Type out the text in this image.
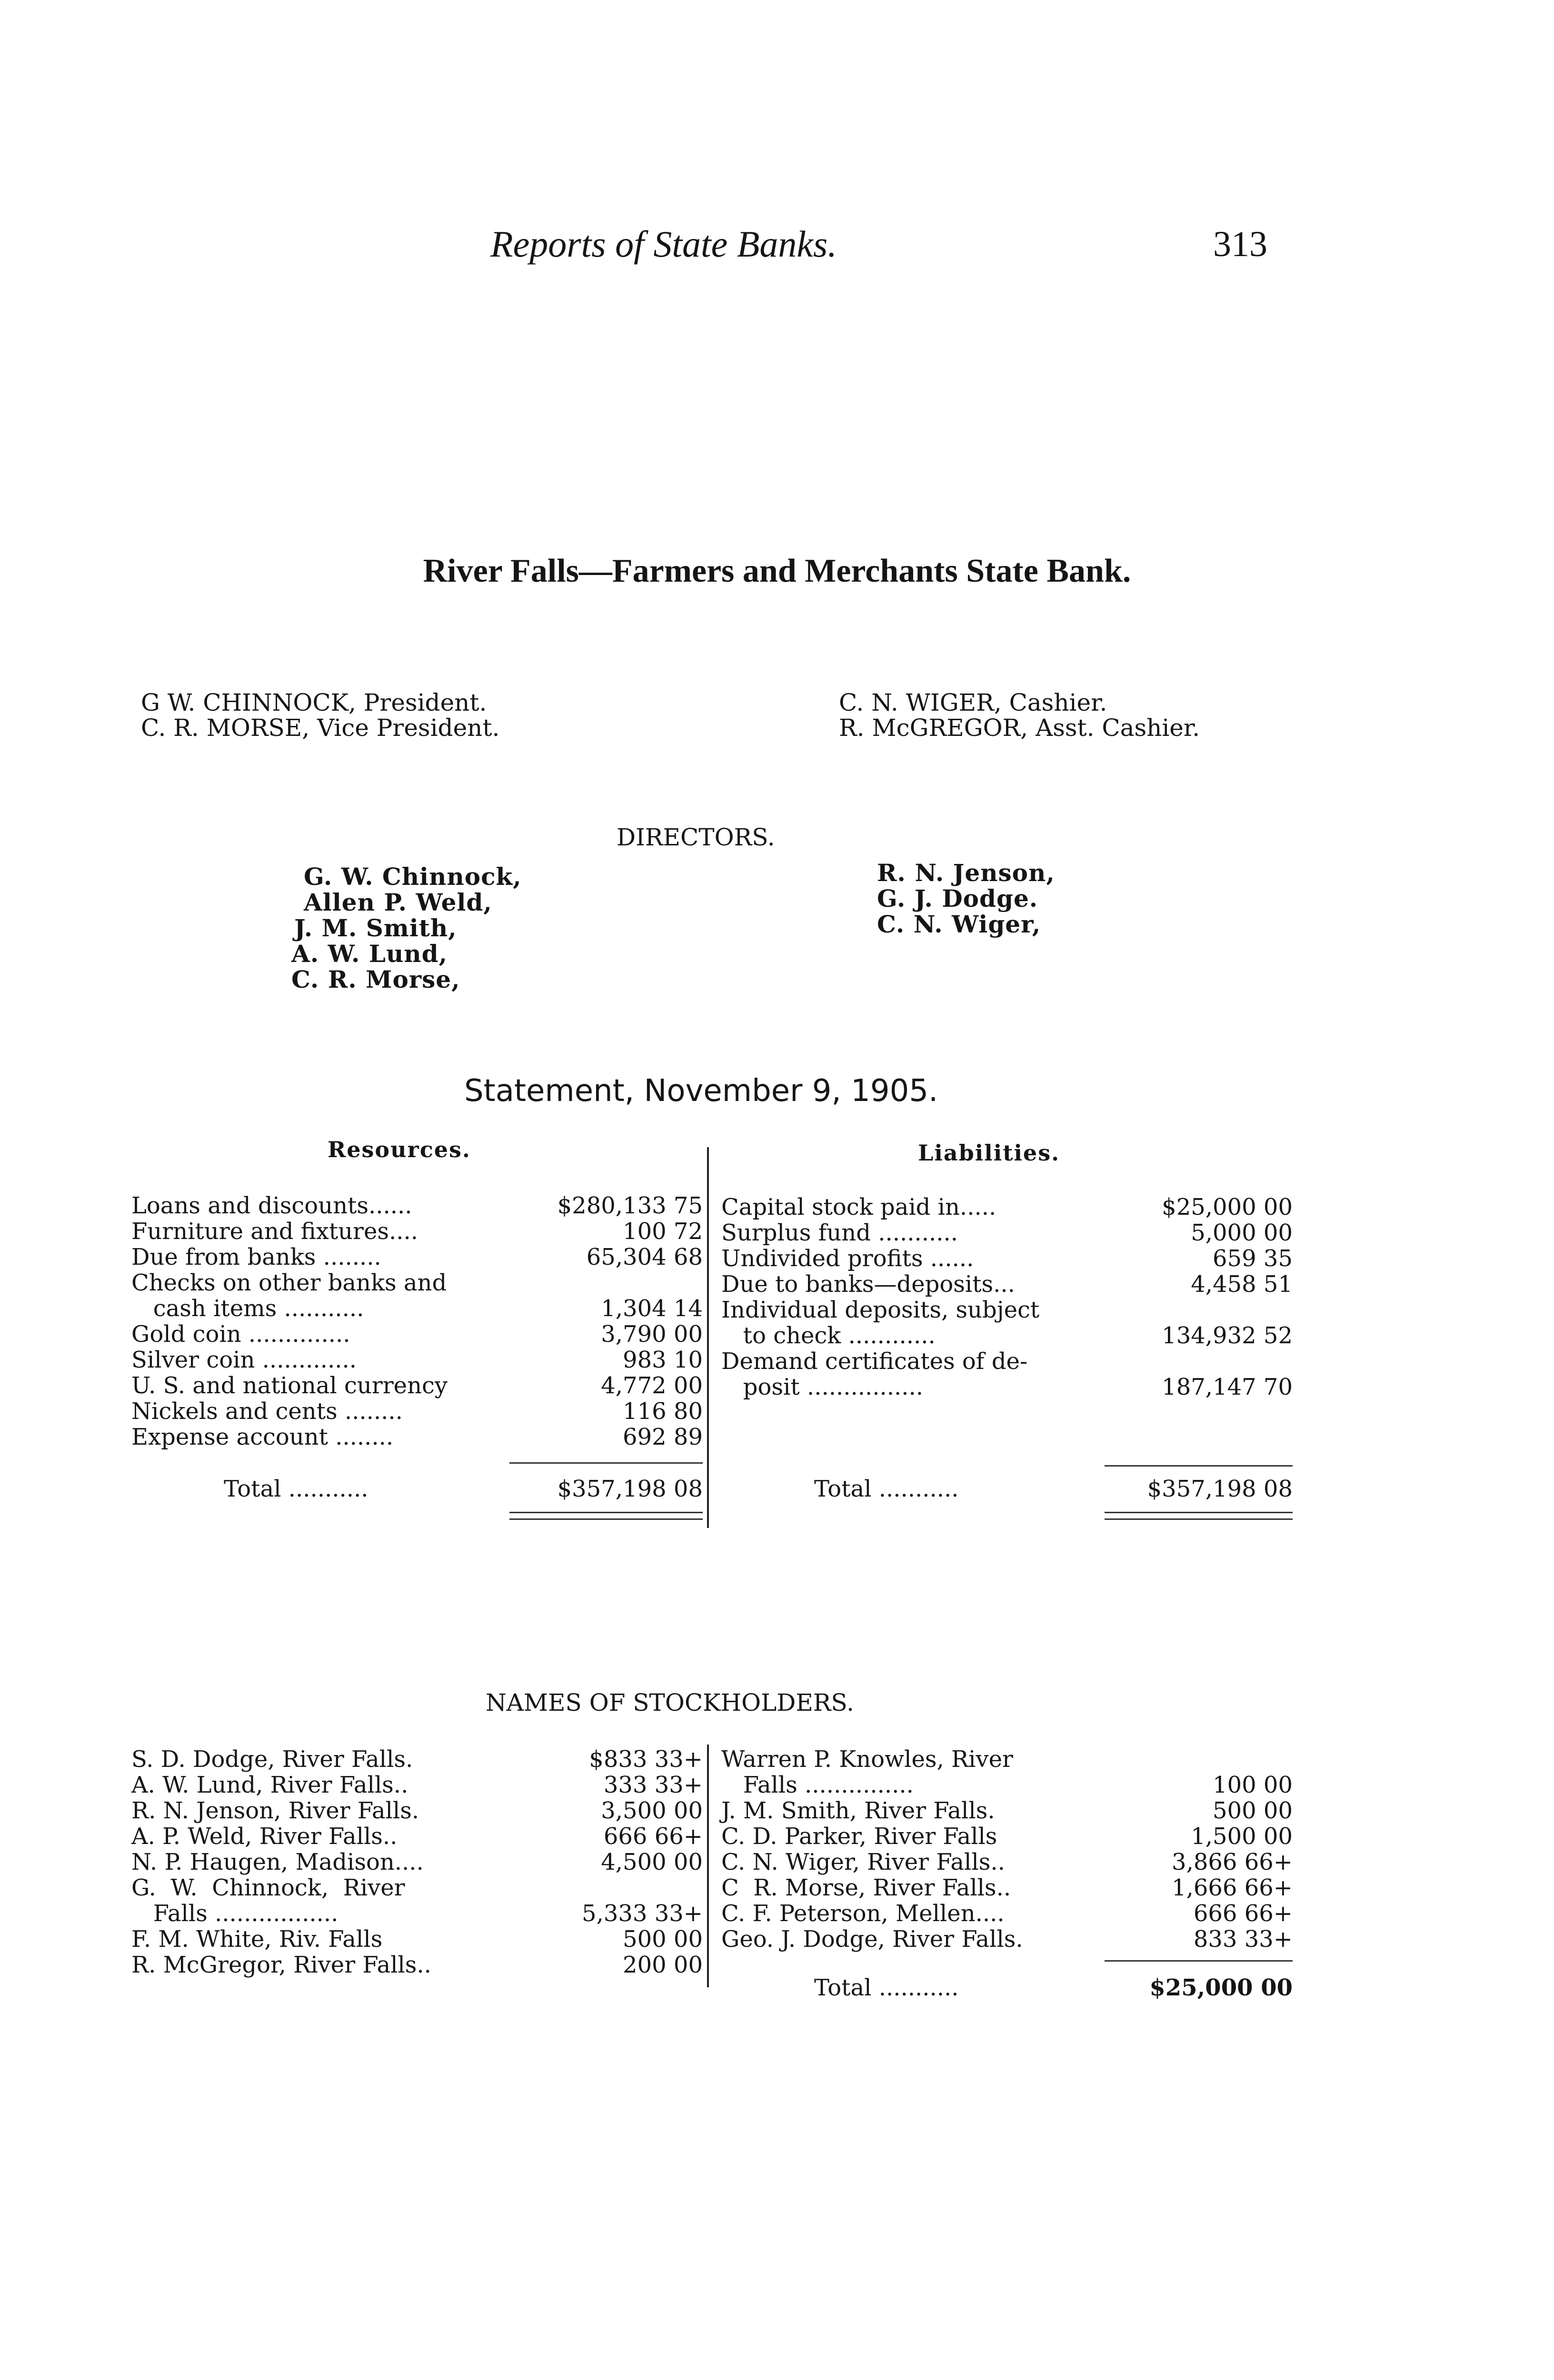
Reports of State Banks.	313
River Falls—Farmers and Merchants State Bank.
G W. CHINNOCK, President.
C. R. MORSE, Vice President.
C. N. WIGER, Cashier.
R. McGREGOR, Asst. Cashier.
DIRECTORS.
G. W. Chinnock,
Allen P. Weld,
J. M. Smith,
A. W. Lund,
C. R. Morse,
R. N. Jenson,
G. J. Dodge.
C. N. Wiger,
Statement, November 9, 1905.
Resources.	Liabilities.
Loans and discounts......	$280,133 75
Furniture and fixtures....	100 72
Due from banks ........	65,304 68
Checks on other banks and
cash items ...........	1,304 14
Gold coin ..............	3,790 00
Silver coin .............	983 10
U. S. and national currency	4,772 00
Nickels and cents ........	116 80
Expense account ........	692 89
Total ...........	$357,198 08
Capital stock paid in.....	$25,000 00
Surplus fund ...........	5,000 00
Undivided profits ......	659 35
Due to banks—deposits...	4,458 51
Individual deposits, subject
to check ............	134,932 52
Demand certificates of de-
posit ................	187,147 70
Total ...........	$357,198 08
NAMES OF STOCKHOLDERS.
S. D. Dodge, River Falls.	$833 33+
A. W. Lund, River Falls..	333 33+
R. N. Jenson, River Falls.	3,500 00
A. P. Weld, River Falls..	666 66+
N. P. Haugen, Madison....	4,500 00
G.  W.  Chinnock,  River
Falls .................	5,333 33+
F. M. White, Riv. Falls	500 00
R. McGregor, River Falls..	200 00
Warren P. Knowles, River
Falls ...............	100 00
J. M. Smith, River Falls.	500 00
C. D. Parker, River Falls	1,500 00
C. N. Wiger, River Falls..	3,866 66+
C  R. Morse, River Falls..	1,666 66+
C. F. Peterson, Mellen....	666 66+
Geo. J. Dodge, River Falls.	833 33+
Total ...........	$25,000 00
